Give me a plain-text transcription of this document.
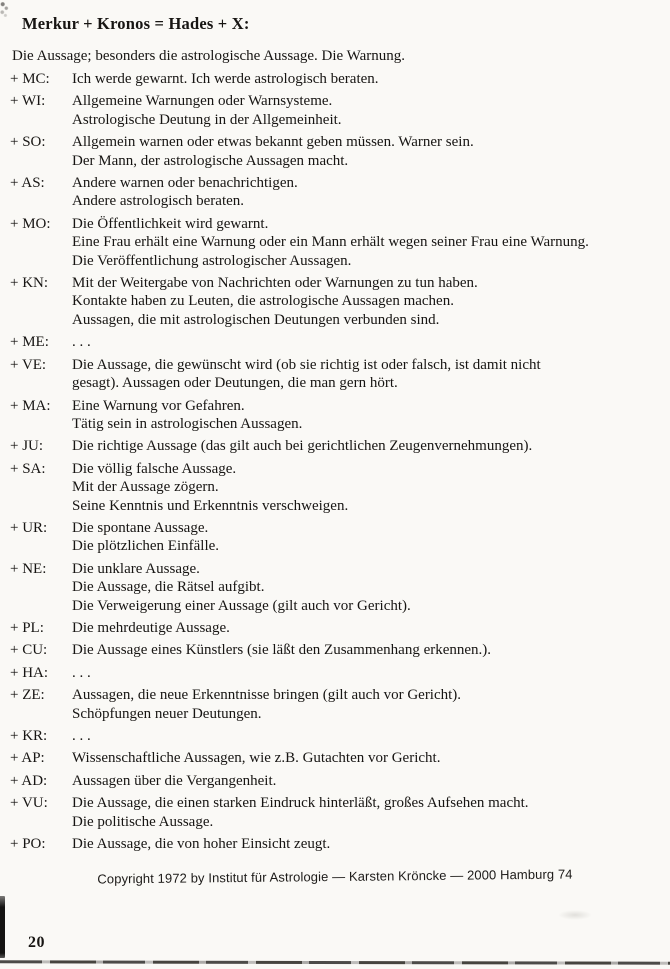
Merkur + Kronos = Hades + X:
Die Aussage; besonders die astrologische Aussage. Die Warnung.
+ MC:	Ich werde gewarnt. Ich werde astrologisch beraten.
+ WI:	Allgemeine Warnungen oder Warnsysteme.
Astrologische Deutung in der Allgemeinheit.
+ SO:	Allgemein warnen oder etwas bekannt geben müssen. Warner sein.
Der Mann, der astrologische Aussagen macht.
+ AS:	Andere warnen oder benachrichtigen.
Andere astrologisch beraten.
+ MO:	Die Öffentlichkeit wird gewarnt.
Eine Frau erhält eine Warnung oder ein Mann erhält wegen seiner Frau eine Warnung.
Die Veröffentlichung astrologischer Aussagen.
+ KN:	Mit der Weitergabe von Nachrichten oder Warnungen zu tun haben.
Kontakte haben zu Leuten, die astrologische Aussagen machen.
Aussagen, die mit astrologischen Deutungen verbunden sind.
+ ME:	. . .
+ VE:	Die Aussage, die gewünscht wird (ob sie richtig ist oder falsch, ist damit nicht
gesagt). Aussagen oder Deutungen, die man gern hört.
+ MA:	Eine Warnung vor Gefahren.
Tätig sein in astrologischen Aussagen.
+ JU:	Die richtige Aussage (das gilt auch bei gerichtlichen Zeugenvernehmungen).
+ SA:	Die völlig falsche Aussage.
Mit der Aussage zögern.
Seine Kenntnis und Erkenntnis verschweigen.
+ UR:	Die spontane Aussage.
Die plötzlichen Einfälle.
+ NE:	Die unklare Aussage.
Die Aussage, die Rätsel aufgibt.
Die Verweigerung einer Aussage (gilt auch vor Gericht).
+ PL:	Die mehrdeutige Aussage.
+ CU:	Die Aussage eines Künstlers (sie läßt den Zusammenhang erkennen.).
+ HA:	. . .
+ ZE:	Aussagen, die neue Erkenntnisse bringen (gilt auch vor Gericht).
Schöpfungen neuer Deutungen.
+ KR:	. . .
+ AP:	Wissenschaftliche Aussagen, wie z.B. Gutachten vor Gericht.
+ AD:	Aussagen über die Vergangenheit.
+ VU:	Die Aussage, die einen starken Eindruck hinterläßt, großes Aufsehen macht.
Die politische Aussage.
+ PO:	Die Aussage, die von hoher Einsicht zeugt.
Copyright 1972 by Institut für Astrologie — Karsten Kröncke — 2000 Hamburg 74
20
